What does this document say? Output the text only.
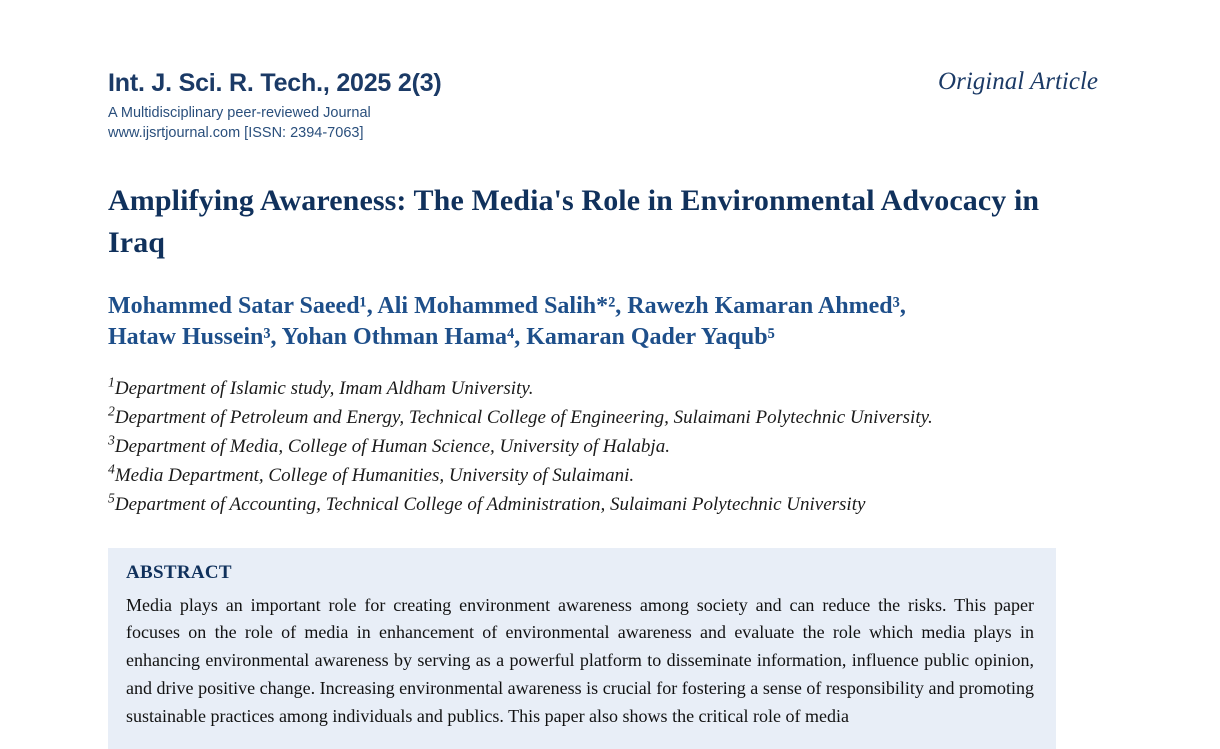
Int. J. Sci. R. Tech., 2025 2(3)
A Multidisciplinary peer-reviewed Journal
www.ijsrtjournal.com [ISSN: 2394-7063]
Original Article
Amplifying Awareness: The Media's Role in Environmental Advocacy in Iraq
Mohammed Satar Saeed¹, Ali Mohammed Salih*², Rawezh Kamaran Ahmed³,
Hataw Hussein³, Yohan Othman Hama⁴, Kamaran Qader Yaqub⁵
$^1$Department of Islamic study, Imam Aldham University.
$^2$Department of Petroleum and Energy, Technical College of Engineering, Sulaimani Polytechnic University.
$^3$Department of Media, College of Human Science, University of Halabja.
$^4$Media Department, College of Humanities, University of Sulaimani.
$^5$Department of Accounting, Technical College of Administration, Sulaimani Polytechnic University
ABSTRACT
Media plays an important role for creating environment awareness among society and can reduce the risks. This paper focuses on the role of media in enhancement of environmental awareness and evaluate the role which media plays in enhancing environmental awareness by serving as a powerful platform to disseminate information, influence public opinion, and drive positive change. Increasing environmental awareness is crucial for fostering a sense of responsibility and promoting sustainable practices among individuals and publics. This paper also shows the critical role of media
